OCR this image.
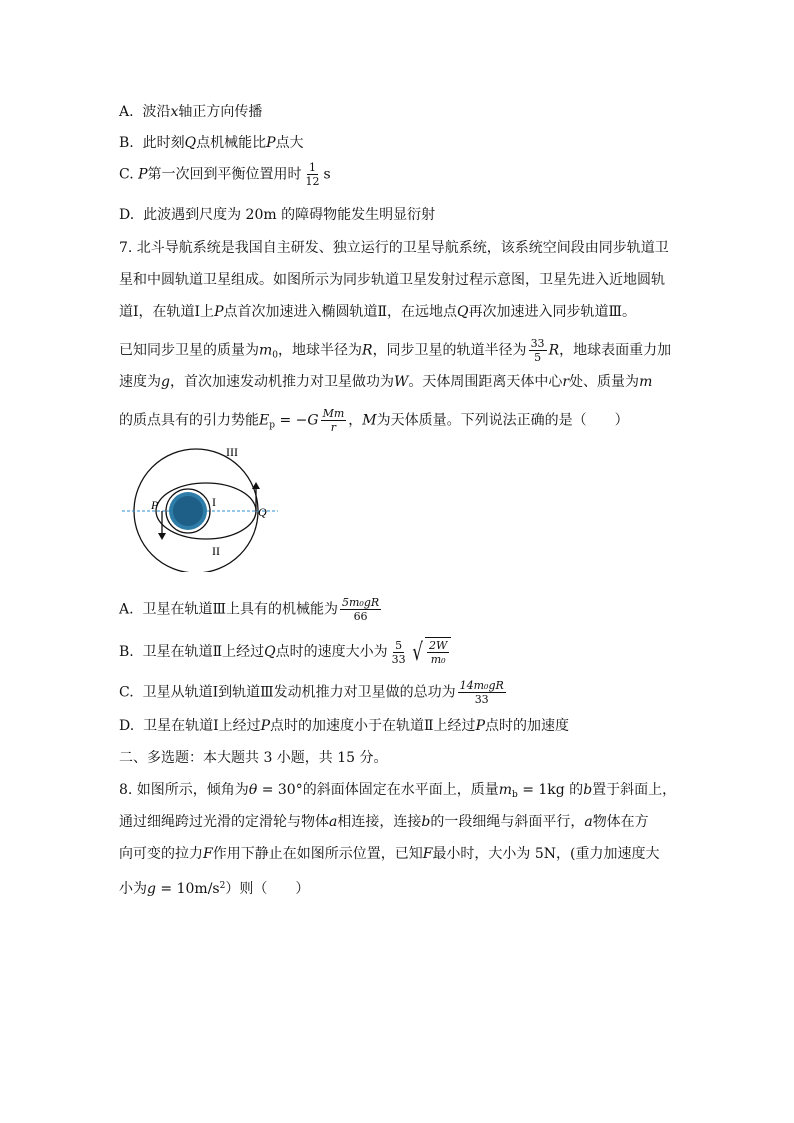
A. 波沿x轴正方向传播
B. 此时刻Q点机械能比P点大
C. P第一次回到平衡位置用时 $\frac{1}{12}$ s
D. 此波遇到尺度为 20m 的障碍物能发生明显衍射
7. 北斗导航系统是我国自主研发、独立运行的卫星导航系统，该系统空间段由同步轨道卫
星和中圆轨道卫星组成。如图所示为同步轨道卫星发射过程示意图，卫星先进入近地圆轨
道Ⅰ，在轨道Ⅰ上P点首次加速进入椭圆轨道Ⅱ，在远地点Q再次加速进入同步轨道Ⅲ。
已知同步卫星的质量为$m_0$，地球半径为R，同步卫星的轨道半径为 $\frac{33}{5}$ R，地球表面重力加
速度为g，首次加速发动机推力对卫星做功为W。天体周围距离天体中心r处、质量为m
的质点具有的引力势能$E_p = -G \frac{Mm}{r}$ ，M为天体质量。下列说法正确的是（　　）
III
I
II
P	Q
A. 卫星在轨道Ⅲ上具有的机械能为 $\frac{\text{5m₀gR}}{66}$
B. 卫星在轨道Ⅱ上经过Q点时的速度大小为 $\frac{5}{33}$ √ $\frac{2W}{\text{m₀}}$
C. 卫星从轨道Ⅰ到轨道Ⅲ发动机推力对卫星做的总功为 $\frac{\text{14m₀gR}}{33}$
D. 卫星在轨道Ⅰ上经过P点时的加速度小于在轨道Ⅱ上经过P点时的加速度
二、多选题：本大题共 3 小题，共 15 分。
8. 如图所示，倾角为θ = 30°的斜面体固定在水平面上，质量$m_b = 1kg$ 的b置于斜面上，
通过细绳跨过光滑的定滑轮与物体a相连接，连接b的一段细绳与斜面平行，a物体在方
向可变的拉力F作用下静止在如图所示位置，已知F最小时，大小为 5N，(重力加速度大
小为$g = 10m/s^2$）则（　　）
